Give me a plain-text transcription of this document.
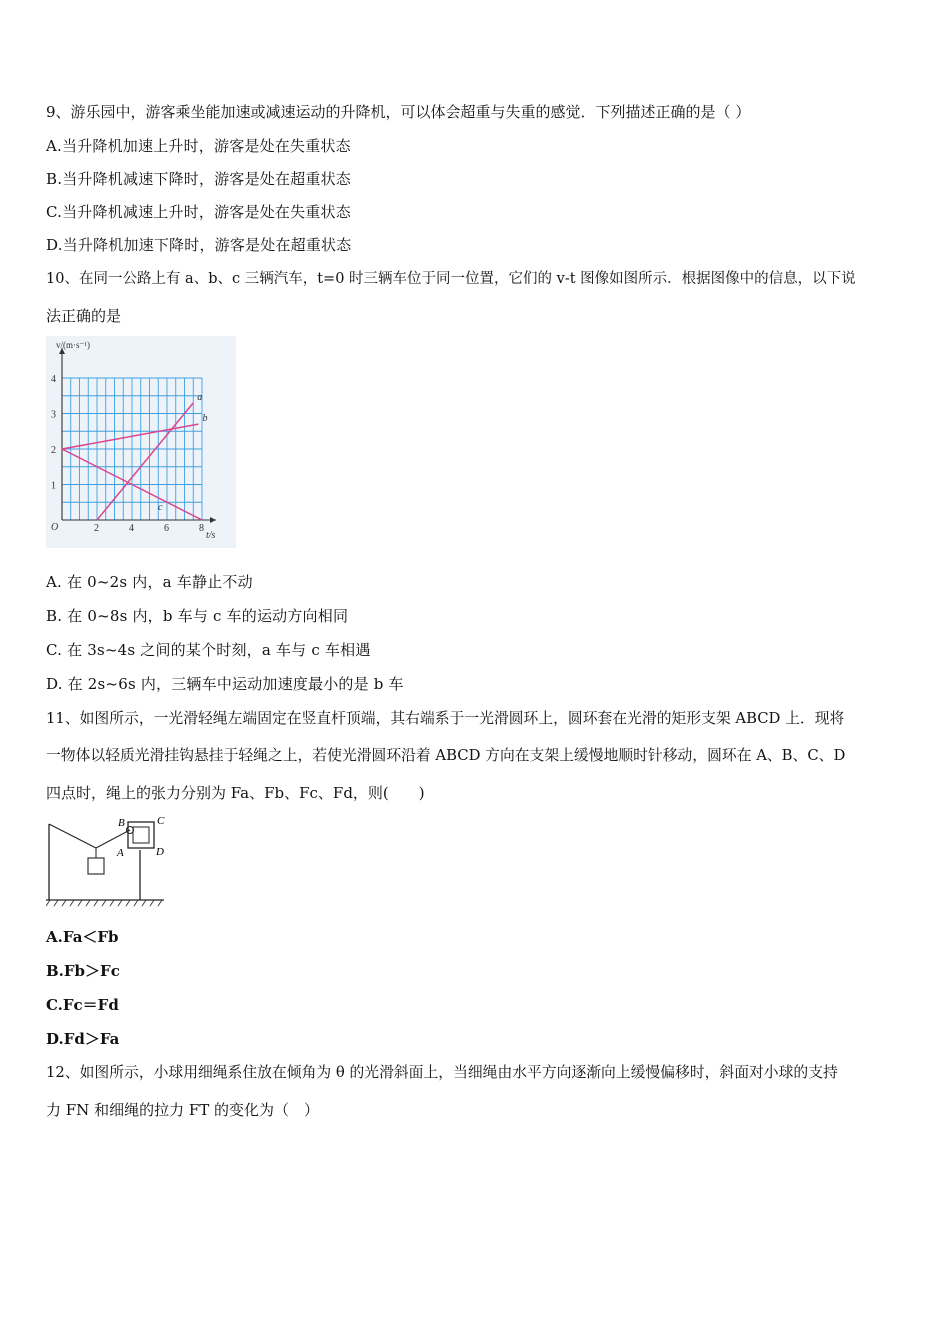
9、游乐园中，游客乘坐能加速或减速运动的升降机，可以体会超重与失重的感觉．下列描述正确的是（ ）
A.当升降机加速上升时，游客是处在失重状态
B.当升降机减速下降时，游客是处在超重状态
C.当升降机减速上升时，游客是处在失重状态
D.当升降机加速下降时，游客是处在超重状态
10、在同一公路上有 a、b、c 三辆汽车，t=0 时三辆车位于同一位置，它们的 v-t 图像如图所示．根据图像中的信息，以下说
法正确的是
2	4	6	8
1
2
3
4
O
t/s
v/(m·s⁻¹)
a
b
c
A. 在 0~2s 内，a 车静止不动
B. 在 0~8s 内，b 车与 c 车的运动方向相同
C. 在 3s~4s 之间的某个时刻，a 车与 c 车相遇
D. 在 2s~6s 内，三辆车中运动加速度最小的是 b 车
11、如图所示，一光滑轻绳左端固定在竖直杆顶端，其右端系于一光滑圆环上，圆环套在光滑的矩形支架 ABCD 上．现将
一物体以轻质光滑挂钩悬挂于轻绳之上，若使光滑圆环沿着 ABCD 方向在支架上缓慢地顺时针移动，圆环在 A、B、C、D
四点时，绳上的张力分别为 Fa、Fb、Fc、Fd，则(　　)
B	C
A	D
A.Fa＜Fb
B.Fb＞Fc
C.Fc＝Fd
D.Fd＞Fa
12、如图所示，小球用细绳系住放在倾角为 θ 的光滑斜面上，当细绳由水平方向逐渐向上缓慢偏移时，斜面对小球的支持
力 FN 和细绳的拉力 FT 的变化为（　）
